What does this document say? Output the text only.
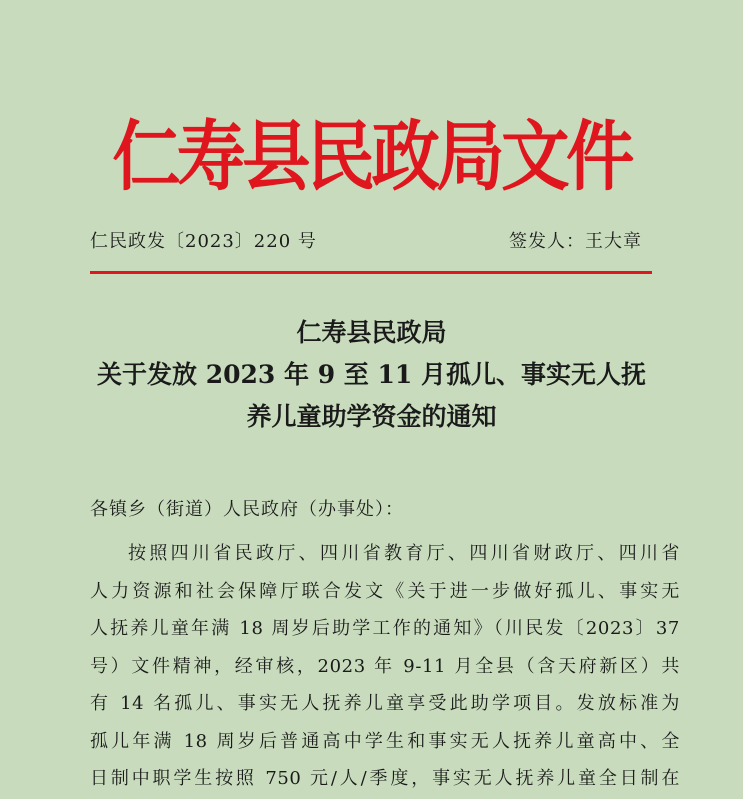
仁寿县民政局文件
仁民政发〔2023〕220 号	签发人：王大章
仁寿县民政局
关于发放 2023 年 9 至 11 月孤儿、事实无人抚
养儿童助学资金的通知
各镇乡（街道）人民政府（办事处）：
按照四川省民政厅、四川省教育厅、四川省财政厅、四川省
人力资源和社会保障厅联合发文《关于进一步做好孤儿、事实无
人抚养儿童年满 18 周岁后助学工作的通知》（川民发〔2023〕37
号）文件精神，经审核，2023 年 9-11 月全县（含天府新区）共
有 14 名孤儿、事实无人抚养儿童享受此助学项目。发放标准为
孤儿年满 18 周岁后普通高中学生和事实无人抚养儿童高中、全
日制中职学生按照 750 元/人/季度，事实无人抚养儿童全日制在
